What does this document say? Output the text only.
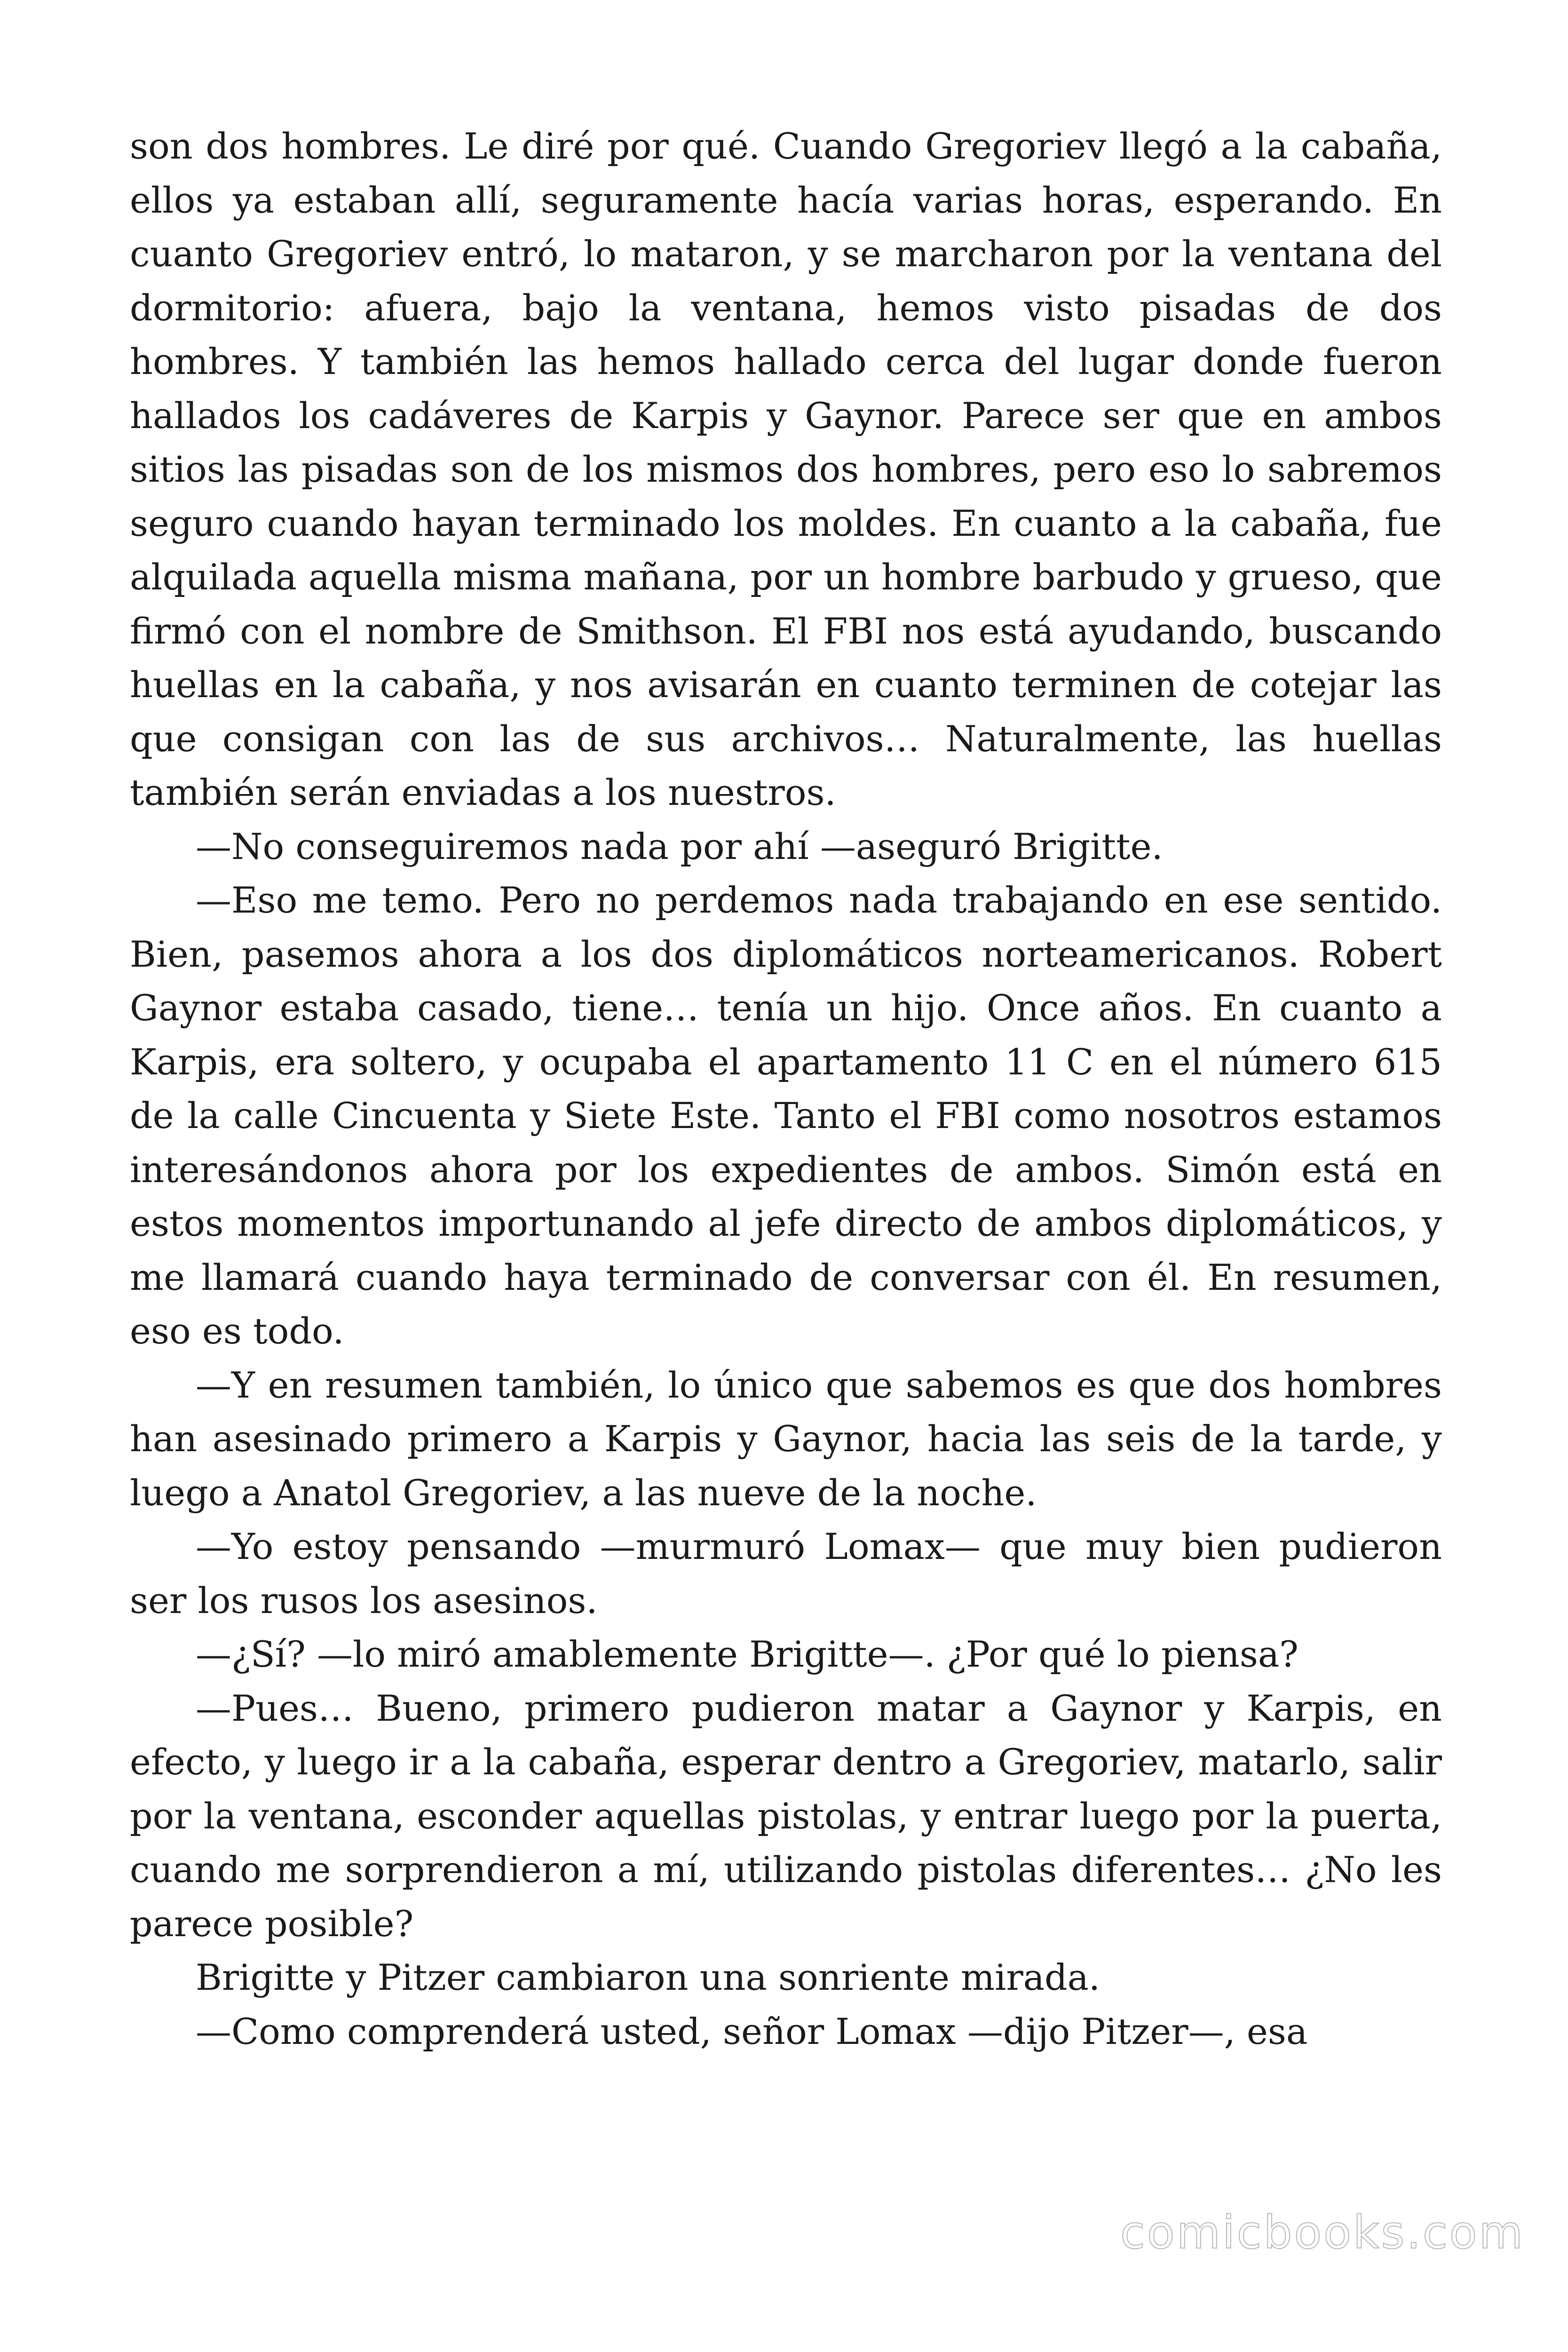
son dos hombres. Le diré por qué. Cuando Gregoriev llegó a la cabaña, ellos ya estaban allí, seguramente hacía varias horas, esperando. En cuanto Gregoriev entró, lo mataron, y se marcharon por la ventana del dormitorio: afuera, bajo la ventana, hemos visto pisadas de dos hombres. Y también las hemos hallado cerca del lugar donde fueron hallados los cadáveres de Karpis y Gaynor. Parece ser que en ambos sitios las pisadas son de los mismos dos hombres, pero eso lo sabremos seguro cuando hayan terminado los moldes. En cuanto a la cabaña, fue alquilada aquella misma mañana, por un hombre barbudo y grueso, que firmó con el nombre de Smithson. El FBI nos está ayudando, buscando huellas en la cabaña, y nos avisarán en cuanto terminen de cotejar las que consigan con las de sus archivos… Naturalmente, las huellas también serán enviadas a los nuestros.

—No conseguiremos nada por ahí —aseguró Brigitte.

—Eso me temo. Pero no perdemos nada trabajando en ese sentido. Bien, pasemos ahora a los dos diplomáticos norteamericanos. Robert Gaynor estaba casado, tiene… tenía un hijo. Once años. En cuanto a Karpis, era soltero, y ocupaba el apartamento 11 C en el número 615 de la calle Cincuenta y Siete Este. Tanto el FBI como nosotros estamos interesándonos ahora por los expedientes de ambos. Simón está en estos momentos importunando al jefe directo de ambos diplomáticos, y me llamará cuando haya terminado de conversar con él. En resumen, eso es todo.

—Y en resumen también, lo único que sabemos es que dos hombres han asesinado primero a Karpis y Gaynor, hacia las seis de la tarde, y luego a Anatol Gregoriev, a las nueve de la noche.

—Yo estoy pensando —murmuró Lomax— que muy bien pudieron ser los rusos los asesinos.

—¿Sí? —lo miró amablemente Brigitte—. ¿Por qué lo piensa?

—Pues… Bueno, primero pudieron matar a Gaynor y Karpis, en efecto, y luego ir a la cabaña, esperar dentro a Gregoriev, matarlo, salir por la ventana, esconder aquellas pistolas, y entrar luego por la puerta, cuando me sorprendieron a mí, utilizando pistolas diferentes… ¿No les parece posible?

Brigitte y Pitzer cambiaron una sonriente mirada.

—Como comprenderá usted, señor Lomax —dijo Pitzer—, esa

comicbooks.com
